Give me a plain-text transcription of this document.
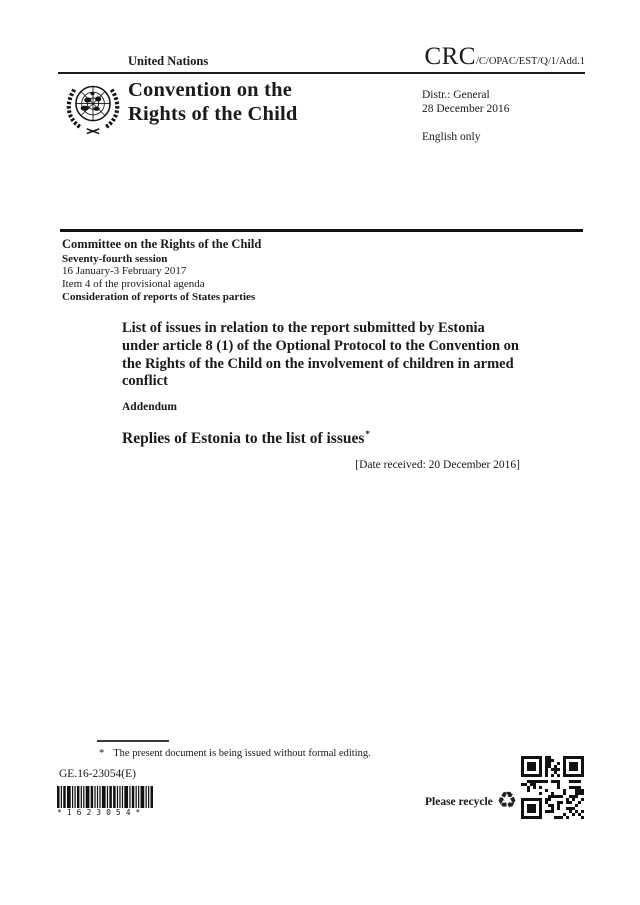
United Nations	CRC /C/OPAC/EST/Q/1/Add.1
Convention on the
Rights of the Child
Distr.: General
28 December 2016
English only
Committee on the Rights of the Child
Seventy-fourth session
16 January-3 February 2017
Item 4 of the provisional agenda
Consideration of reports of States parties
List of issues in relation to the report submitted by Estonia under article 8 (1) of the Optional Protocol to the Convention on the Rights of the Child on the involvement of children in armed conflict
Addendum
Replies of Estonia to the list of issues*
[Date received: 20 December 2016]
* The present document is being issued without formal editing.
GE.16-23054(E)
*1623054*
Please recycle ♻
